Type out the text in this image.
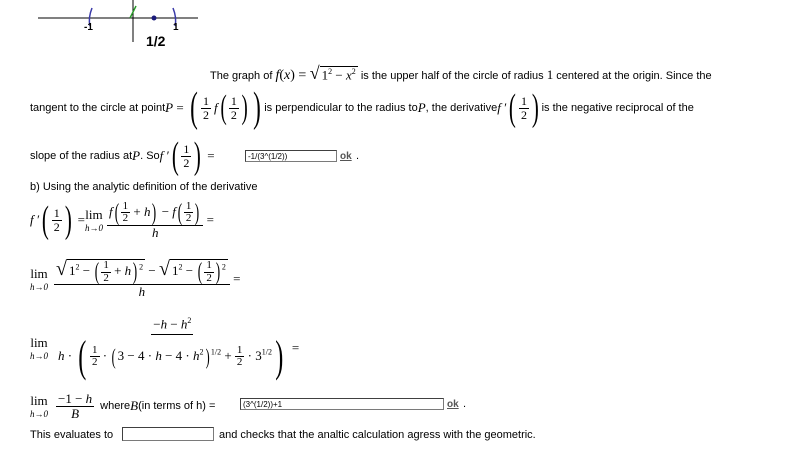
-1	1
1/2
The graph of f(x) = √ $1^2 - x^2$ is the upper half of the circle of radius 1 centered at the origin. Since the
tangent to the circle at point P = ( $\frac{1}{2}$ f ( $\frac{1}{2}$ ) ) is perpendicular to the radius to P , the derivative f ′ ( $\frac{1}{2}$ ) is the negative reciprocal of the
slope of the radius at P . So f ′ ( $\frac{1}{2}$ ) =	-1/(3^(1/2))	ok .
b) Using the analytic definition of the derivative
f ′ ( $\frac{1}{2}$ ) = lim
$h\to 0 \frac{f( \frac{1}{2} + h) - f( \frac{1}{2} )}{h}$ =
lim
$h\to 0 \frac{√ 1^2 - ( \frac{1}{2} + h) ^2 - √ 1^2 - ( \frac{1}{2} ) ^2}{h}$ =
lim
$h\to 0 \frac{-h - h^2}{h \cdot ( \frac{1}{2} \cdot ( 3 - 4 \cdot h - 4 \cdot h^2) ^{1/2} + \frac{1}{2} \cdot 3^{1/2})}$ =
lim
$h\to 0 \frac{-1 - h}{B}$ where B (in terms of h) =	(3^(1/2))+1	ok .
This evaluates to	and checks that the analtic calculation agress with the geometric.
